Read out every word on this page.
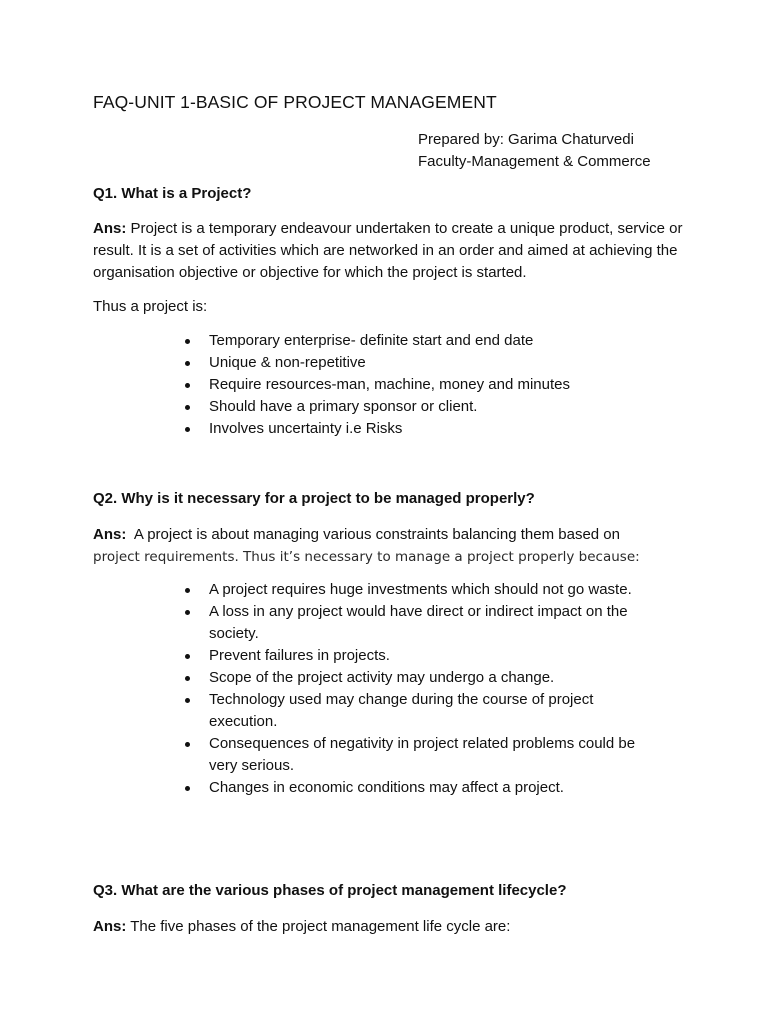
FAQ-UNIT 1-BASIC OF PROJECT MANAGEMENT
Prepared by: Garima Chaturvedi
Faculty-Management & Commerce
Q1. What is a Project?
Ans: Project is a temporary endeavour undertaken to create a unique product, service or result. It is a set of activities which are networked in an order and aimed at achieving the organisation objective or objective for which the project is started.
Thus a project is:
Temporary enterprise- definite start and end date
Unique & non-repetitive
Require resources-man, machine, money and minutes
Should have a primary sponsor or client.
Involves uncertainty i.e Risks
Q2. Why is it necessary for a project to be managed properly?
Ans:  A project is about managing various constraints balancing them based on
project requirements. Thus it’s necessary to manage a project properly because:
A project requires huge investments which should not go waste.
A loss in any project would have direct or indirect impact on the society.
Prevent failures in projects.
Scope of the project activity may undergo a change.
Technology used may change during the course of project execution.
Consequences of negativity in project related problems could be very serious.
Changes in economic conditions may affect a project.
Q3. What are the various phases of project management lifecycle?
Ans: The five phases of the project management life cycle are:
